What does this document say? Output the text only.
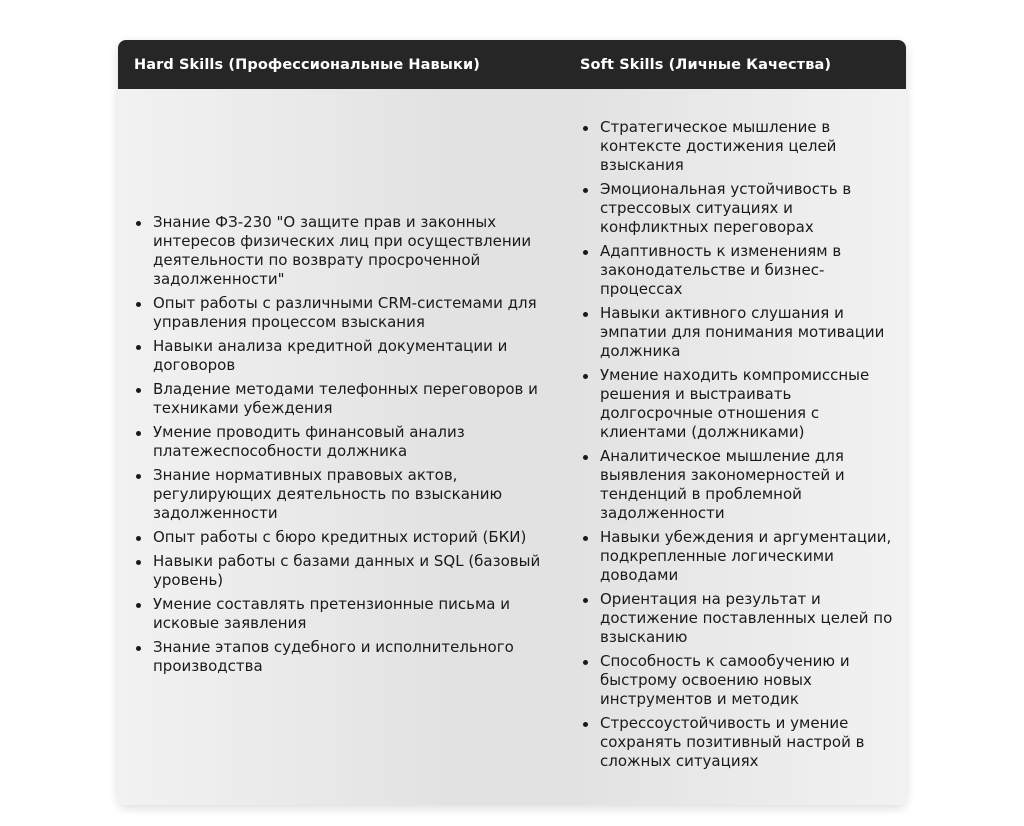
Hard Skills (Профессиональные Навыки)	Soft Skills (Личные Качества)
Знание ФЗ-230 "О защите прав и законных интересов физических лиц при осуществлении деятельности по возврату просроченной задолженности"
Опыт работы с различными CRM-системами для управления процессом взыскания
Навыки анализа кредитной документации и договоров
Владение методами телефонных переговоров и техниками убеждения
Умение проводить финансовый анализ платежеспособности должника
Знание нормативных правовых актов, регулирующих деятельность по взысканию задолженности
Опыт работы с бюро кредитных историй (БКИ)
Навыки работы с базами данных и SQL (базовый уровень)
Умение составлять претензионные письма и исковые заявления
Знание этапов судебного и исполнительного производства
Стратегическое мышление в контексте достижения целей взыскания
Эмоциональная устойчивость в стрессовых ситуациях и конфликтных переговорах
Адаптивность к изменениям в законодательстве и бизнес-процессах
Навыки активного слушания и эмпатии для понимания мотивации должника
Умение находить компромиссные решения и выстраивать долгосрочные отношения с клиентами (должниками)
Аналитическое мышление для выявления закономерностей и тенденций в проблемной задолженности
Навыки убеждения и аргументации, подкрепленные логическими доводами
Ориентация на результат и достижение поставленных целей по взысканию
Способность к самообучению и быстрому освоению новых инструментов и методик
Стрессоустойчивость и умение сохранять позитивный настрой в сложных ситуациях
